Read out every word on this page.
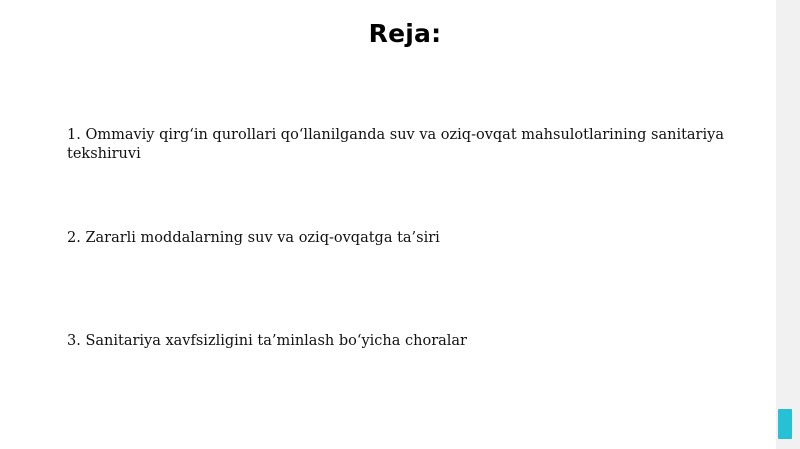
Reja:
1. Ommaviy qirg‘in qurollari qo‘llanilganda suv va oziq-ovqat mahsulotlarining sanitariya tekshiruvi
2. Zararli moddalarning suv va oziq-ovqatga ta’siri
3. Sanitariya xavfsizligini ta’minlash bo‘yicha choralar
